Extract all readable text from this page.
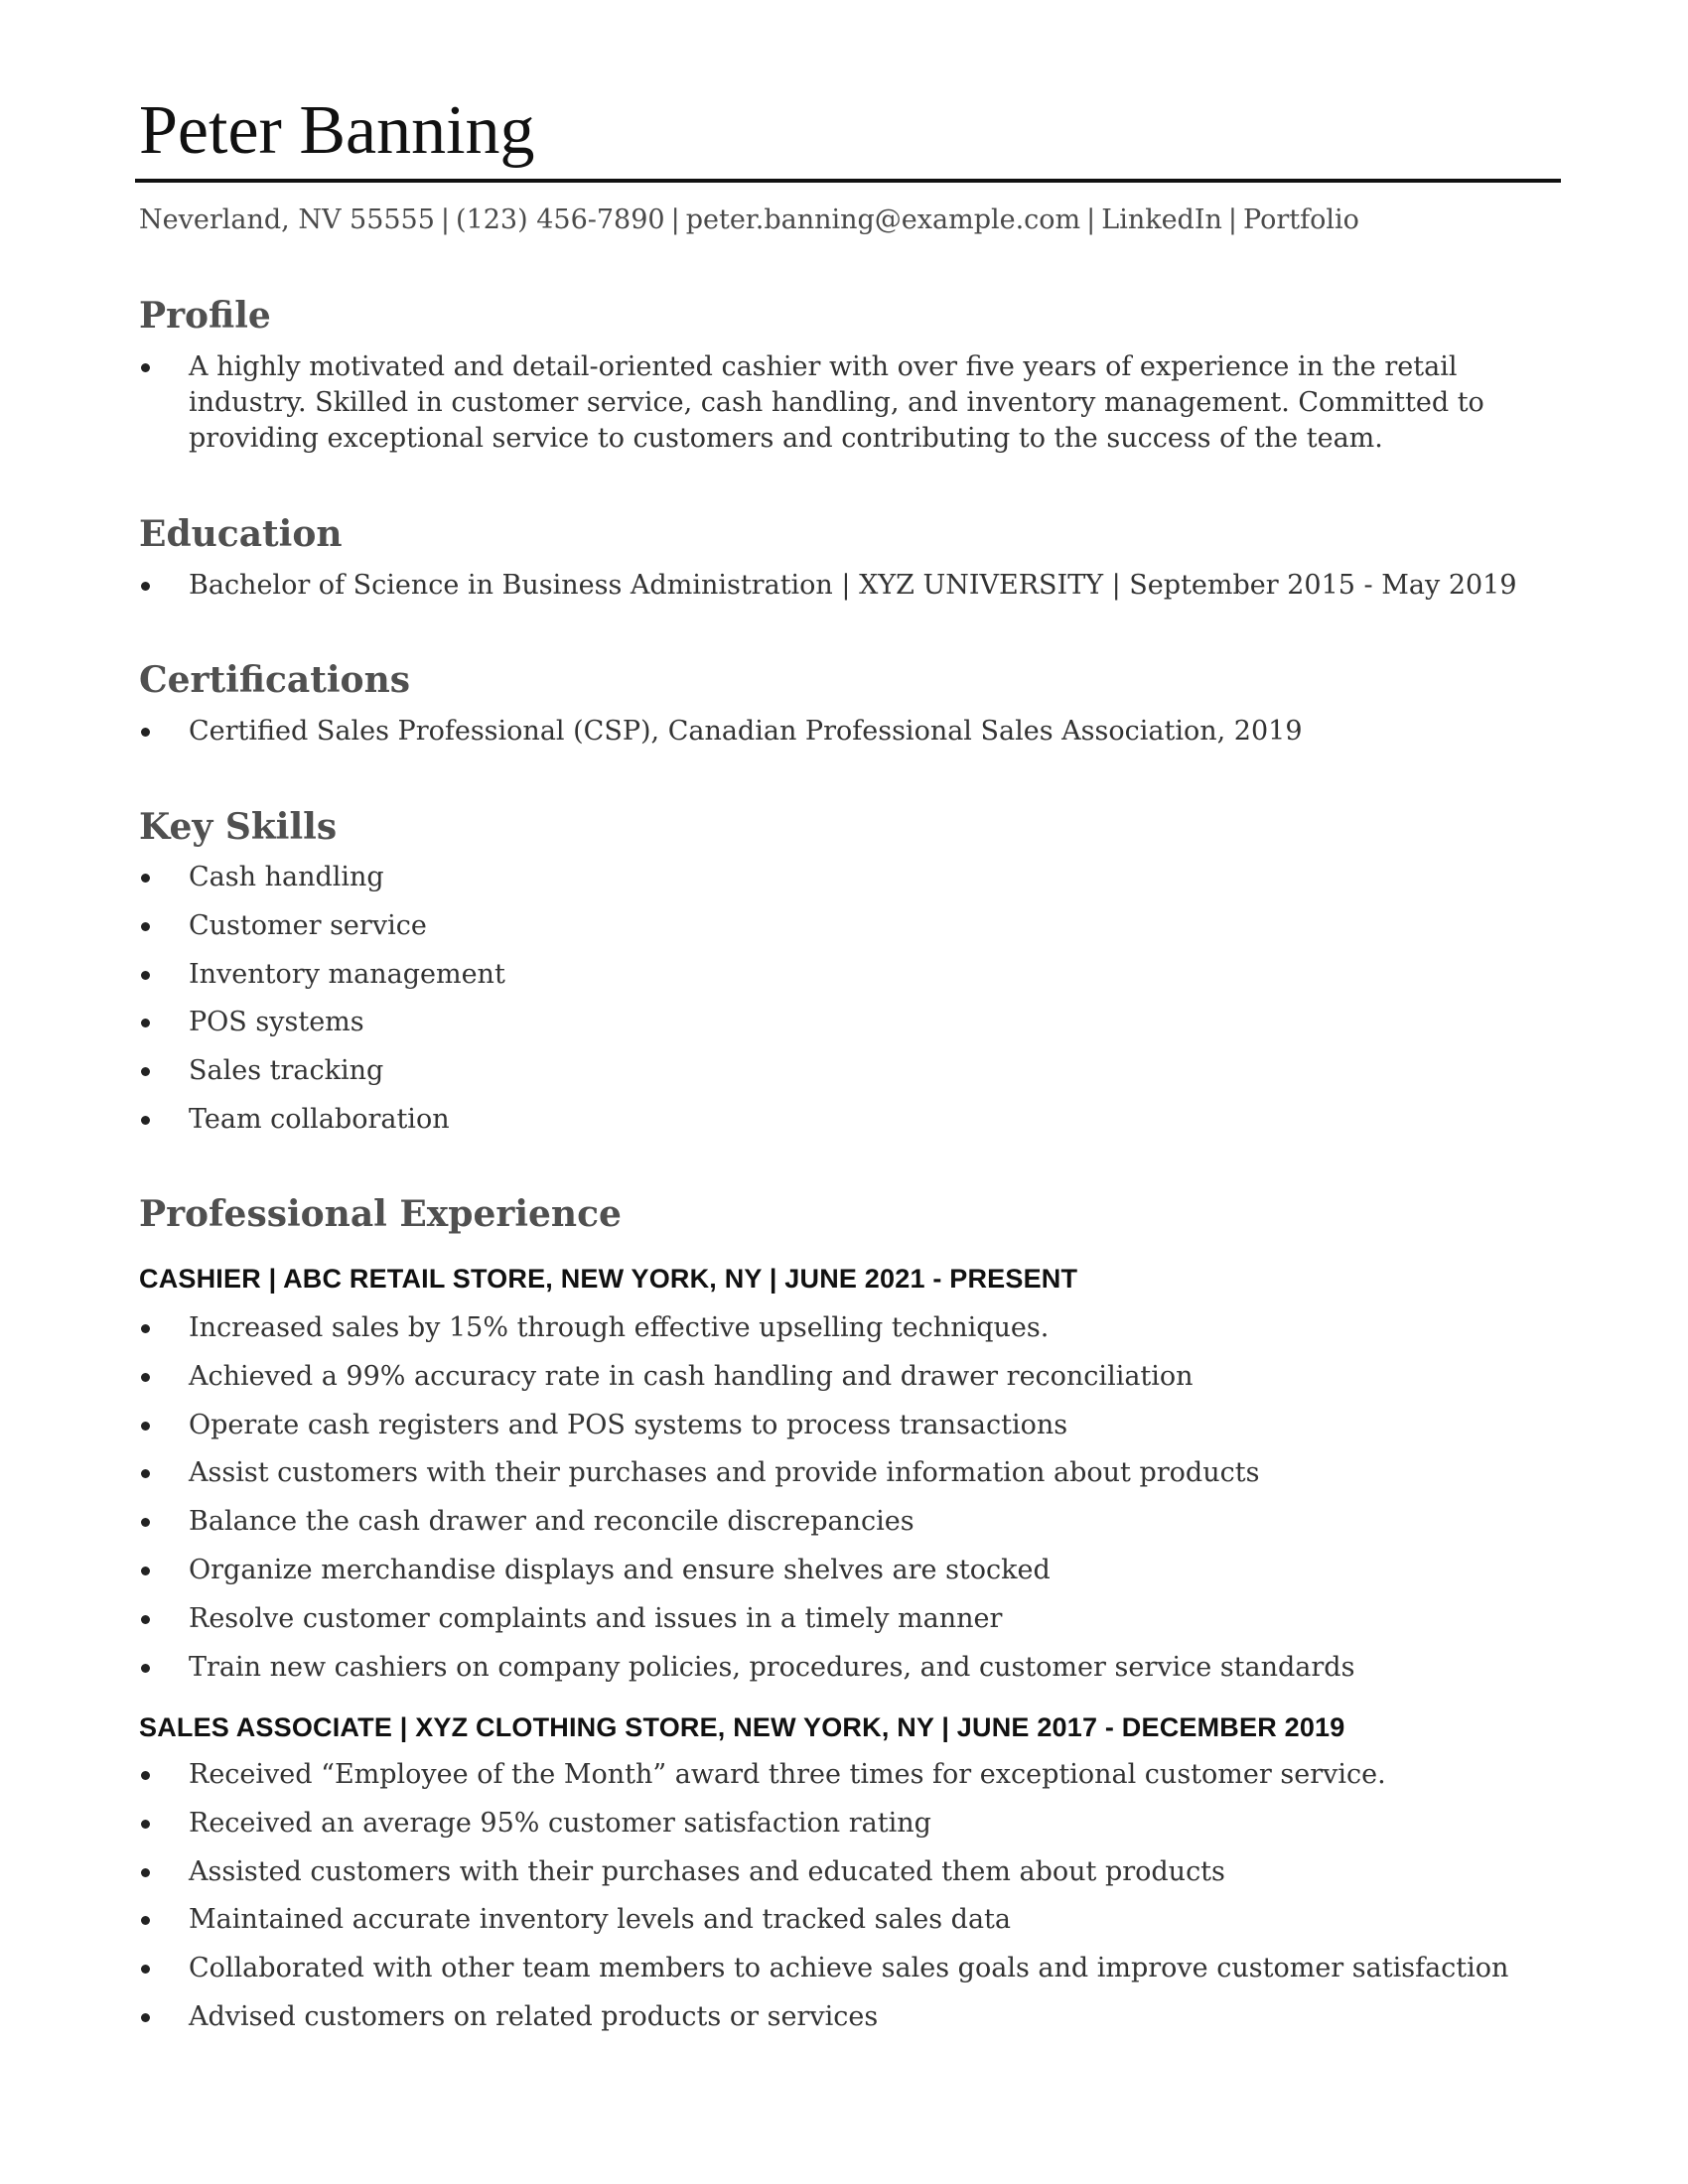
Peter Banning
Neverland, NV 55555 | (123) 456-7890 | peter.banning@example.com | LinkedIn | Portfolio
Profile
A highly motivated and detail-oriented cashier with over five years of experience in the retail industry. Skilled in customer service, cash handling, and inventory management. Committed to providing exceptional service to customers and contributing to the success of the team.
Education
Bachelor of Science in Business Administration | XYZ UNIVERSITY | September 2015 - May 2019
Certifications
Certified Sales Professional (CSP), Canadian Professional Sales Association, 2019
Key Skills
Cash handling
Customer service
Inventory management
POS systems
Sales tracking
Team collaboration
Professional Experience
CASHIER | ABC RETAIL STORE, NEW YORK, NY | JUNE 2021 - PRESENT
Increased sales by 15% through effective upselling techniques.
Achieved a 99% accuracy rate in cash handling and drawer reconciliation
Operate cash registers and POS systems to process transactions
Assist customers with their purchases and provide information about products
Balance the cash drawer and reconcile discrepancies
Organize merchandise displays and ensure shelves are stocked
Resolve customer complaints and issues in a timely manner
Train new cashiers on company policies, procedures, and customer service standards
SALES ASSOCIATE | XYZ CLOTHING STORE, NEW YORK, NY | JUNE 2017 - DECEMBER 2019
Received “Employee of the Month” award three times for exceptional customer service.
Received an average 95% customer satisfaction rating
Assisted customers with their purchases and educated them about products
Maintained accurate inventory levels and tracked sales data
Collaborated with other team members to achieve sales goals and improve customer satisfaction
Advised customers on related products or services
